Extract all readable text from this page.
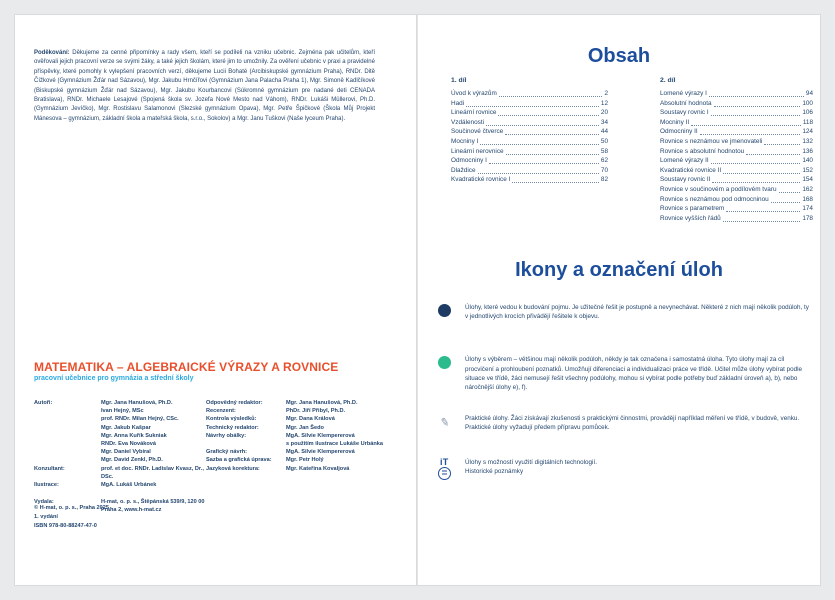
Poděkování: Děkujeme za cenné připomínky a rady všem, kteří se podíleli na vzniku učebnic. Zejména pak učitelům, kteří ověřovali jejich pracovní verze se svými žáky, a také jejich školám, které jim to umožnily. Za ověření učebnic v praxi a pravidelné příspěvky, které pomohly k vylepšení pracovních verzí, děkujeme Lucii Bohaté (Arcibiskupské gymnázium Praha), RNDr. Ditě Čížkové (Gymnázium Žďár nad Sázavou), Mgr. Jakubu Hrnčířovi (Gymnázium Jana Palacha Praha 1), Mgr. Simoně Kadlčíkové (Biskupské gymnázium Žďár nad Sázavou), Mgr. Jakubu Kourbancovi (Súkromné gymnázium pre nadané deti CENADA Bratislava), RNDr. Michaele Lesajové (Spojená škola sv. Jozefa Nové Mesto nad Váhom), RNDr. Lukáši Müllerovi, Ph.D. (Gymnázium Jevíčko), Mgr. Rostislavu Salamonovi (Slezské gymnázium Opava), Mgr. Petře Špičkové (Škola Můj Projekt Mánesova – gymnázium, základní škola a mateřská škola, s.r.o., Sokolov) a Mgr. Janu Tuškovi (Naše lyceum Praha).

MATEMATIKA – ALGEBRAICKÉ VÝRAZY A ROVNICE
pracovní učebnice pro gymnázia a střední školy
Autoři:	Mgr. Jana Hanušová, Ph.D.
Ivan Hejný, MSc
prof. RNDr. Milan Hejný, CSc.
Mgr. Jakub Kašpar
Mgr. Anna Kuřík Sukniak
RNDr. Eva Nováková
Mgr. Daniel Vybíral
Mgr. David Zenkl, Ph.D.
Konzultant:	prof. et doc. RNDr. Ladislav Kvasz, Dr., DSc.
Ilustrace:	MgA. Lukáš Urbánek
Vydala:	H-mat, o. p. s., Štěpánská 539/9, 120 00 Praha 2, www.h-mat.cz
Odpovědný redaktor:	Mgr. Jana Hanušová, Ph.D.
Recenzent:	PhDr. Jiří Přibyl, Ph.D.
Kontrola výsledků:	Mgr. Dana Králová
Technický redaktor:	Mgr. Jan Šedo
Návrhy obálky:	MgA. Silvie Klempererová
s použitím ilustrace Lukáše Urbánka
Grafický návrh:	MgA. Silvie Klempererová
Sazba a grafická úprava:	Mgr. Petr Holý
Jazyková korektura:	Mgr. Kateřina Kovaljová
© H-mat, o. p. s., Praha 2025
1. vydání
ISBN 978-80-88247-47-0
Obsah
1. díl
Úvod k výrazům	2
Hadi	12
Lineární rovnice	20
Vzdálenosti	34
Součinové čtverce	44
Mocniny I	50
Lineární nerovnice	58
Odmocniny I	62
Dlaždice	70
Kvadratické rovnice I	82
2. díl
Lomené výrazy I	94
Absolutní hodnota	100
Soustavy rovnic I	106
Mocniny II	118
Odmocniny II	124
Rovnice s neznámou ve jmenovateli	132
Rovnice s absolutní hodnotou	136
Lomené výrazy II	140
Kvadratické rovnice II	152
Soustavy rovnic II	154
Rovnice v součinovém a podílovém tvaru	162
Rovnice s neznámou pod odmocninou	168
Rovnice s parametrem	174
Rovnice vyšších řádů	178
Ikony a označení úloh
Úlohy, které vedou k budování pojmu. Je užitečné řešit je postupně a nevynechávat. Některé z nich mají několik podúloh, ty v jednotlivých krocích přivádějí řešitele k objevu.
Úlohy s výběrem – většinou mají několik podúloh, někdy je tak označena i samostatná úloha. Tyto úlohy mají za cíl procvičení a prohloubení poznatků. Umožňují diferenciaci a individualizaci práce ve třídě. Učitel může úlohy vybírat podle situace ve třídě, žáci nemusejí řešit všechny podúlohy, mohou si vybírat podle potřeby buď základní úroveň a), b), nebo náročnější úlohy e), f).
✎ Praktické úlohy. Žáci získávají zkušenosti s praktickými činnostmi, provádějí například měření ve třídě, v budově, venku. Praktické úlohy vyžadují předem přípravu pomůcek.
iT	Úlohy s možností využití digitálních technologií.
≣	Historické poznámky
